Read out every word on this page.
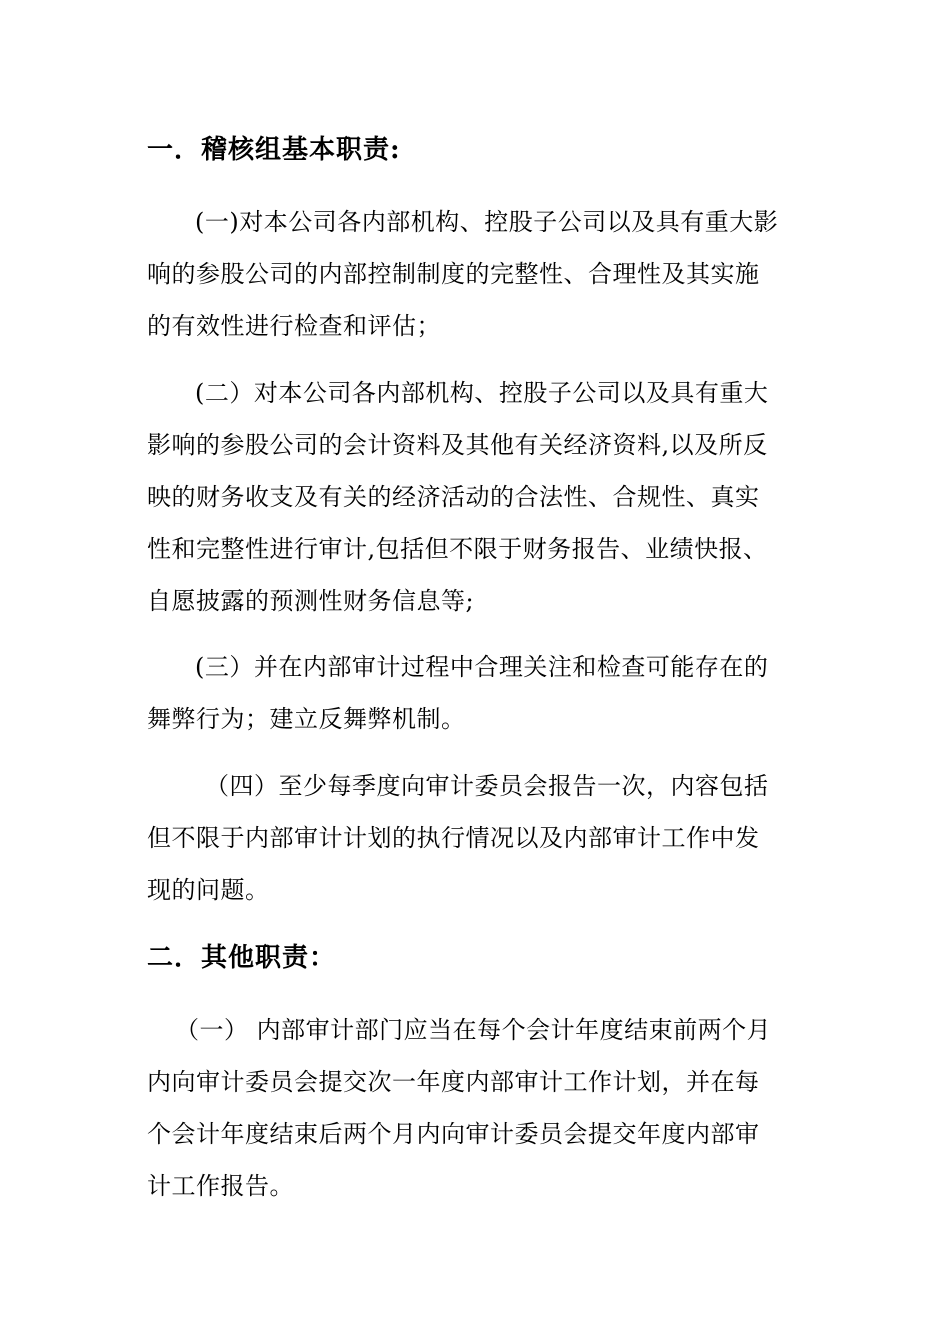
一．稽核组基本职责:
(一)对本公司各内部机构、控股子公司以及具有重大影
响的参股公司的内部控制制度的完整性、合理性及其实施
的有效性进行检查和评估；
(二）对本公司各内部机构、控股子公司以及具有重大
影响的参股公司的会计资料及其他有关经济资料,以及所反
映的财务收支及有关的经济活动的合法性、合规性、真实
性和完整性进行审计,包括但不限于财务报告、业绩快报、
自愿披露的预测性财务信息等;
(三）并在内部审计过程中合理关注和检查可能存在的
舞弊行为；建立反舞弊机制。
（四）至少每季度向审计委员会报告一次，内容包括
但不限于内部审计计划的执行情况以及内部审计工作中发
现的问题。
二．其他职责：
（一） 内部审计部门应当在每个会计年度结束前两个月
内向审计委员会提交次一年度内部审计工作计划，并在每
个会计年度结束后两个月内向审计委员会提交年度内部审
计工作报告。
